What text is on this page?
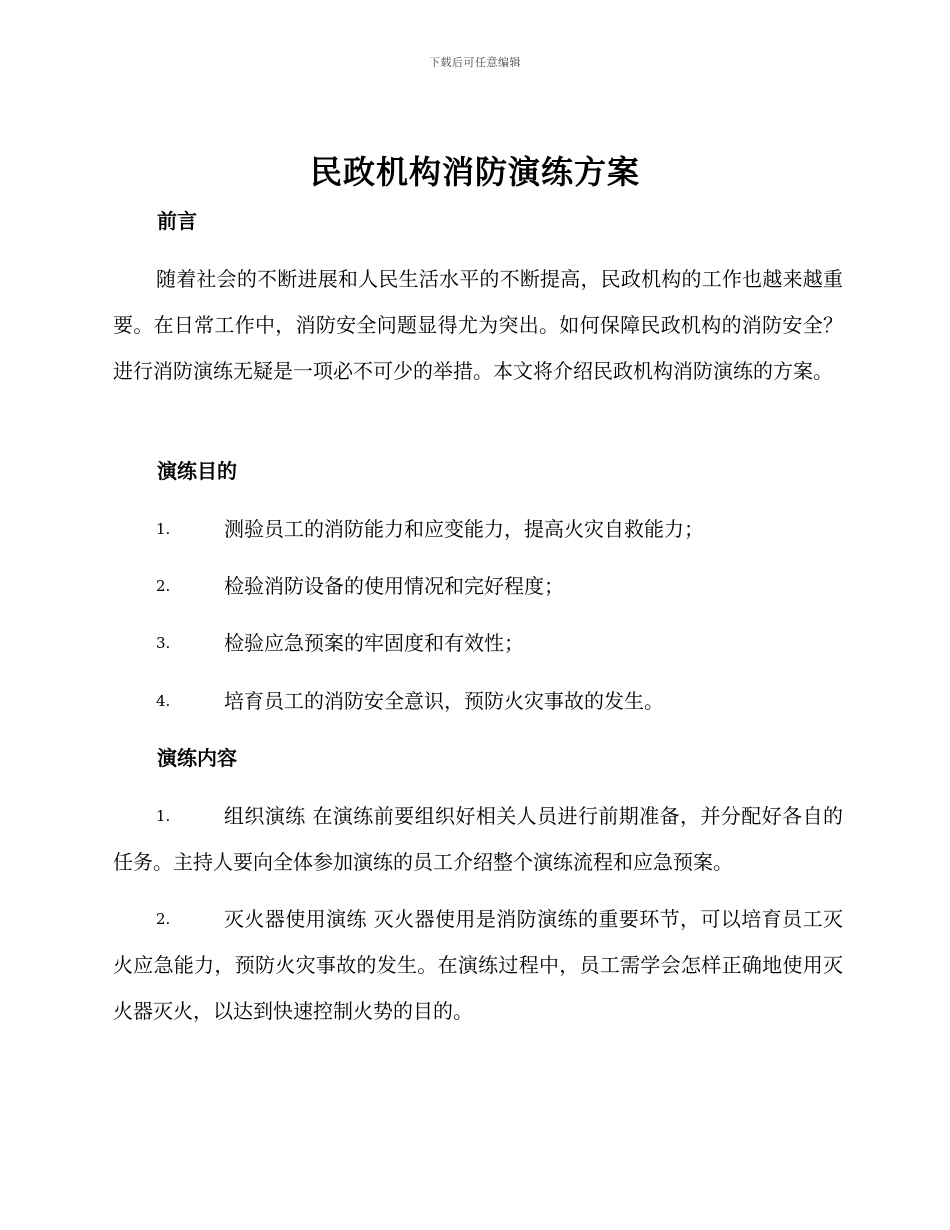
下载后可任意编辑
民政机构消防演练方案
前言

随着社会的不断进展和人民生活水平的不断提高，民政机构的工作也越来越重要。在日常工作中，消防安全问题显得尤为突出。如何保障民政机构的消防安全？进行消防演练无疑是一项必不可少的举措。本文将介绍民政机构消防演练的方案。

演练目的
1.	测验员工的消防能力和应变能力，提高火灾自救能力；
2.	检验消防设备的使用情况和完好程度；
3.	检验应急预案的牢固度和有效性；
4.	培育员工的消防安全意识，预防火灾事故的发生。
演练内容
1.	组织演练 在演练前要组织好相关人员进行前期准备，并分配好各自的任务。主持人要向全体参加演练的员工介绍整个演练流程和应急预案。
2.	灭火器使用演练 灭火器使用是消防演练的重要环节，可以培育员工灭火应急能力，预防火灾事故的发生。在演练过程中，员工需学会怎样正确地使用灭火器灭火，以达到快速控制火势的目的。
